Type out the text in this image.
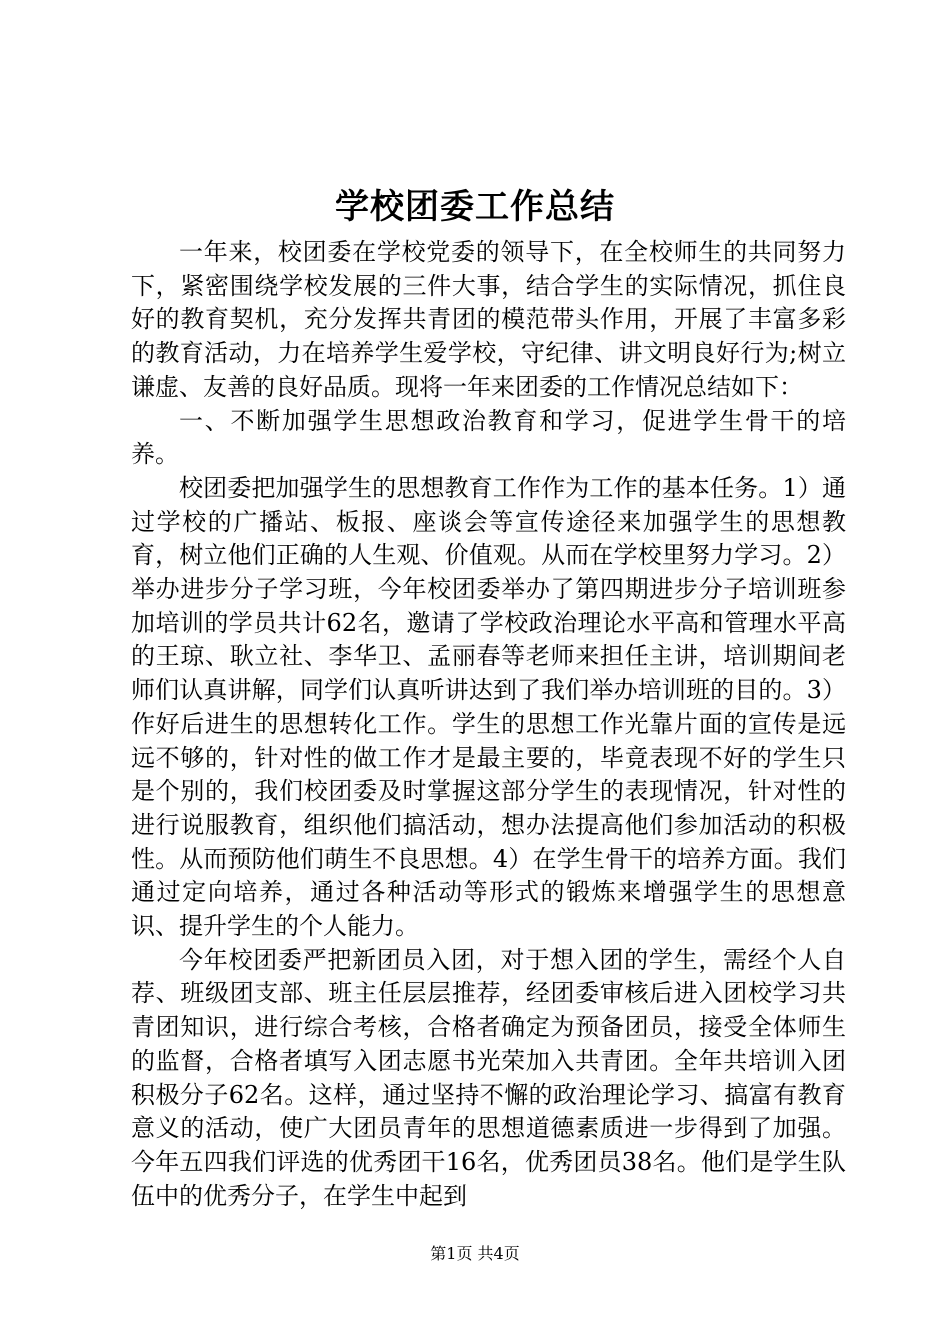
学校团委工作总结

一年来，校团委在学校党委的领导下，在全校师生的共同努力下，紧密围绕学校发展的三件大事，结合学生的实际情况，抓住良好的教育契机，充分发挥共青团的模范带头作用，开展了丰富多彩的教育活动，力在培养学生爱学校，守纪律、讲文明良好行为;树立谦虚、友善的良好品质。现将一年来团委的工作情况总结如下：

一、不断加强学生思想政治教育和学习，促进学生骨干的培养。

校团委把加强学生的思想教育工作作为工作的基本任务。1）通过学校的广播站、板报、座谈会等宣传途径来加强学生的思想教育，树立他们正确的人生观、价值观。从而在学校里努力学习。2）举办进步分子学习班，今年校团委举办了第四期进步分子培训班参加培训的学员共计62名，邀请了学校政治理论水平高和管理水平高的王琼、耿立社、李华卫、孟丽春等老师来担任主讲，培训期间老师们认真讲解，同学们认真听讲达到了我们举办培训班的目的。3）作好后进生的思想转化工作。学生的思想工作光靠片面的宣传是远远不够的，针对性的做工作才是最主要的，毕竟表现不好的学生只是个别的，我们校团委及时掌握这部分学生的表现情况，针对性的进行说服教育，组织他们搞活动，想办法提高他们参加活动的积极性。从而预防他们萌生不良思想。4）在学生骨干的培养方面。我们通过定向培养，通过各种活动等形式的锻炼来增强学生的思想意识、提升学生的个人能力。

今年校团委严把新团员入团，对于想入团的学生，需经个人自荐、班级团支部、班主任层层推荐，经团委审核后进入团校学习共青团知识，进行综合考核，合格者确定为预备团员，接受全体师生的监督，合格者填写入团志愿书光荣加入共青团。全年共培训入团积极分子62名。这样，通过坚持不懈的政治理论学习、搞富有教育意义的活动，使广大团员青年的思想道德素质进一步得到了加强。今年五四我们评选的优秀团干16名，优秀团员38名。他们是学生队伍中的优秀分子，在学生中起到

第1页 共4页
